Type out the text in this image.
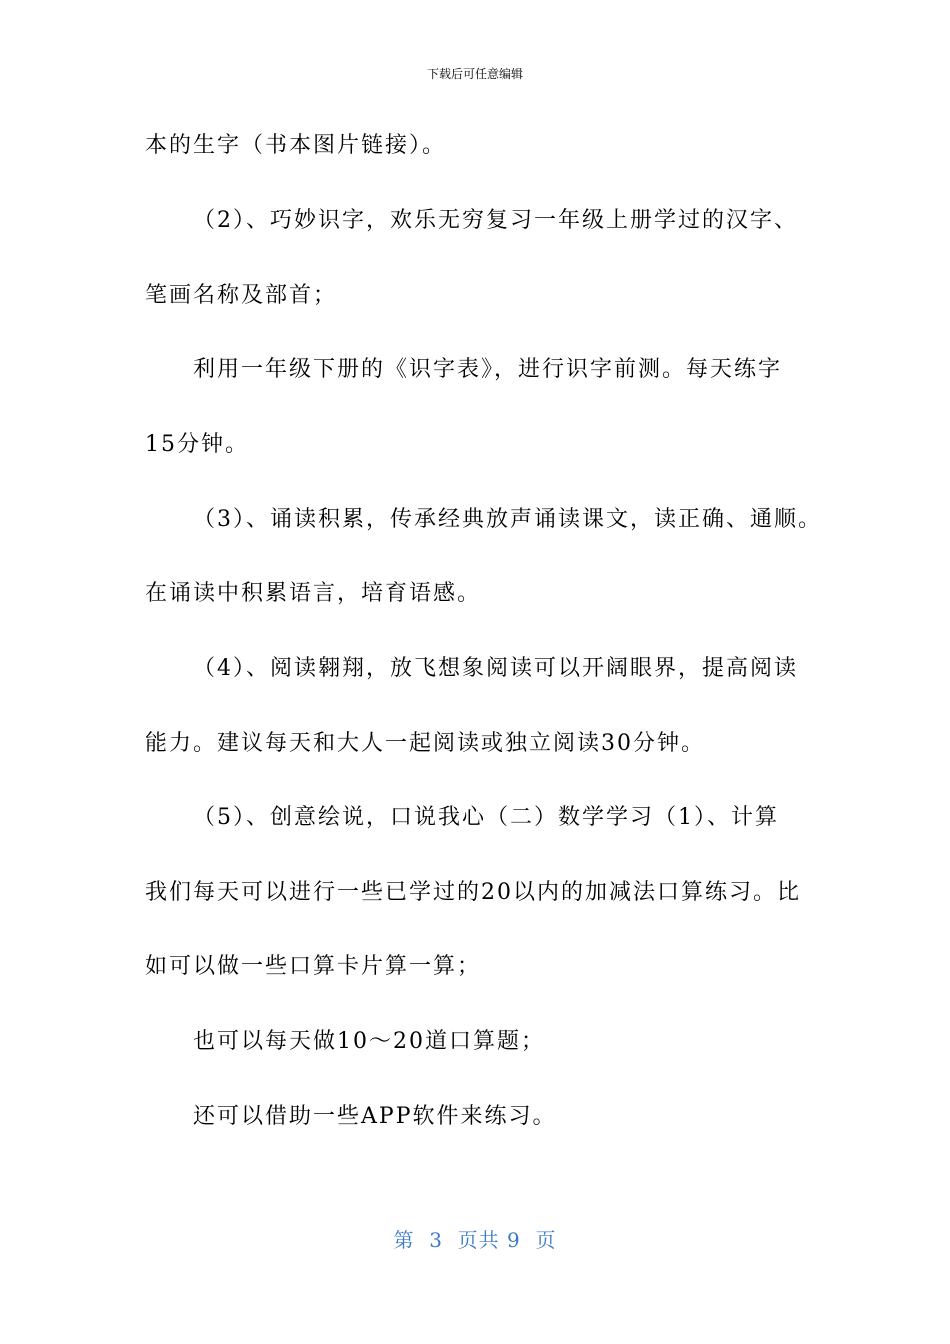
下载后可任意编辑
本的生字（书本图片链接）。
（2）、巧妙识字，欢乐无穷复习一年级上册学过的汉字、
笔画名称及部首；
利用一年级下册的《识字表》，进行识字前测。每天练字
15分钟。
（3）、诵读积累，传承经典放声诵读课文，读正确、通顺。
在诵读中积累语言，培育语感。
（4）、阅读翱翔，放飞想象阅读可以开阔眼界，提高阅读
能力。建议每天和大人一起阅读或独立阅读30分钟。
（5）、创意绘说，口说我心（二）数学学习（1）、计算
我们每天可以进行一些已学过的20以内的加减法口算练习。比
如可以做一些口算卡片算一算；
也可以每天做10～20道口算题；
还可以借助一些APP软件来练习。
第  3  页共 9  页
